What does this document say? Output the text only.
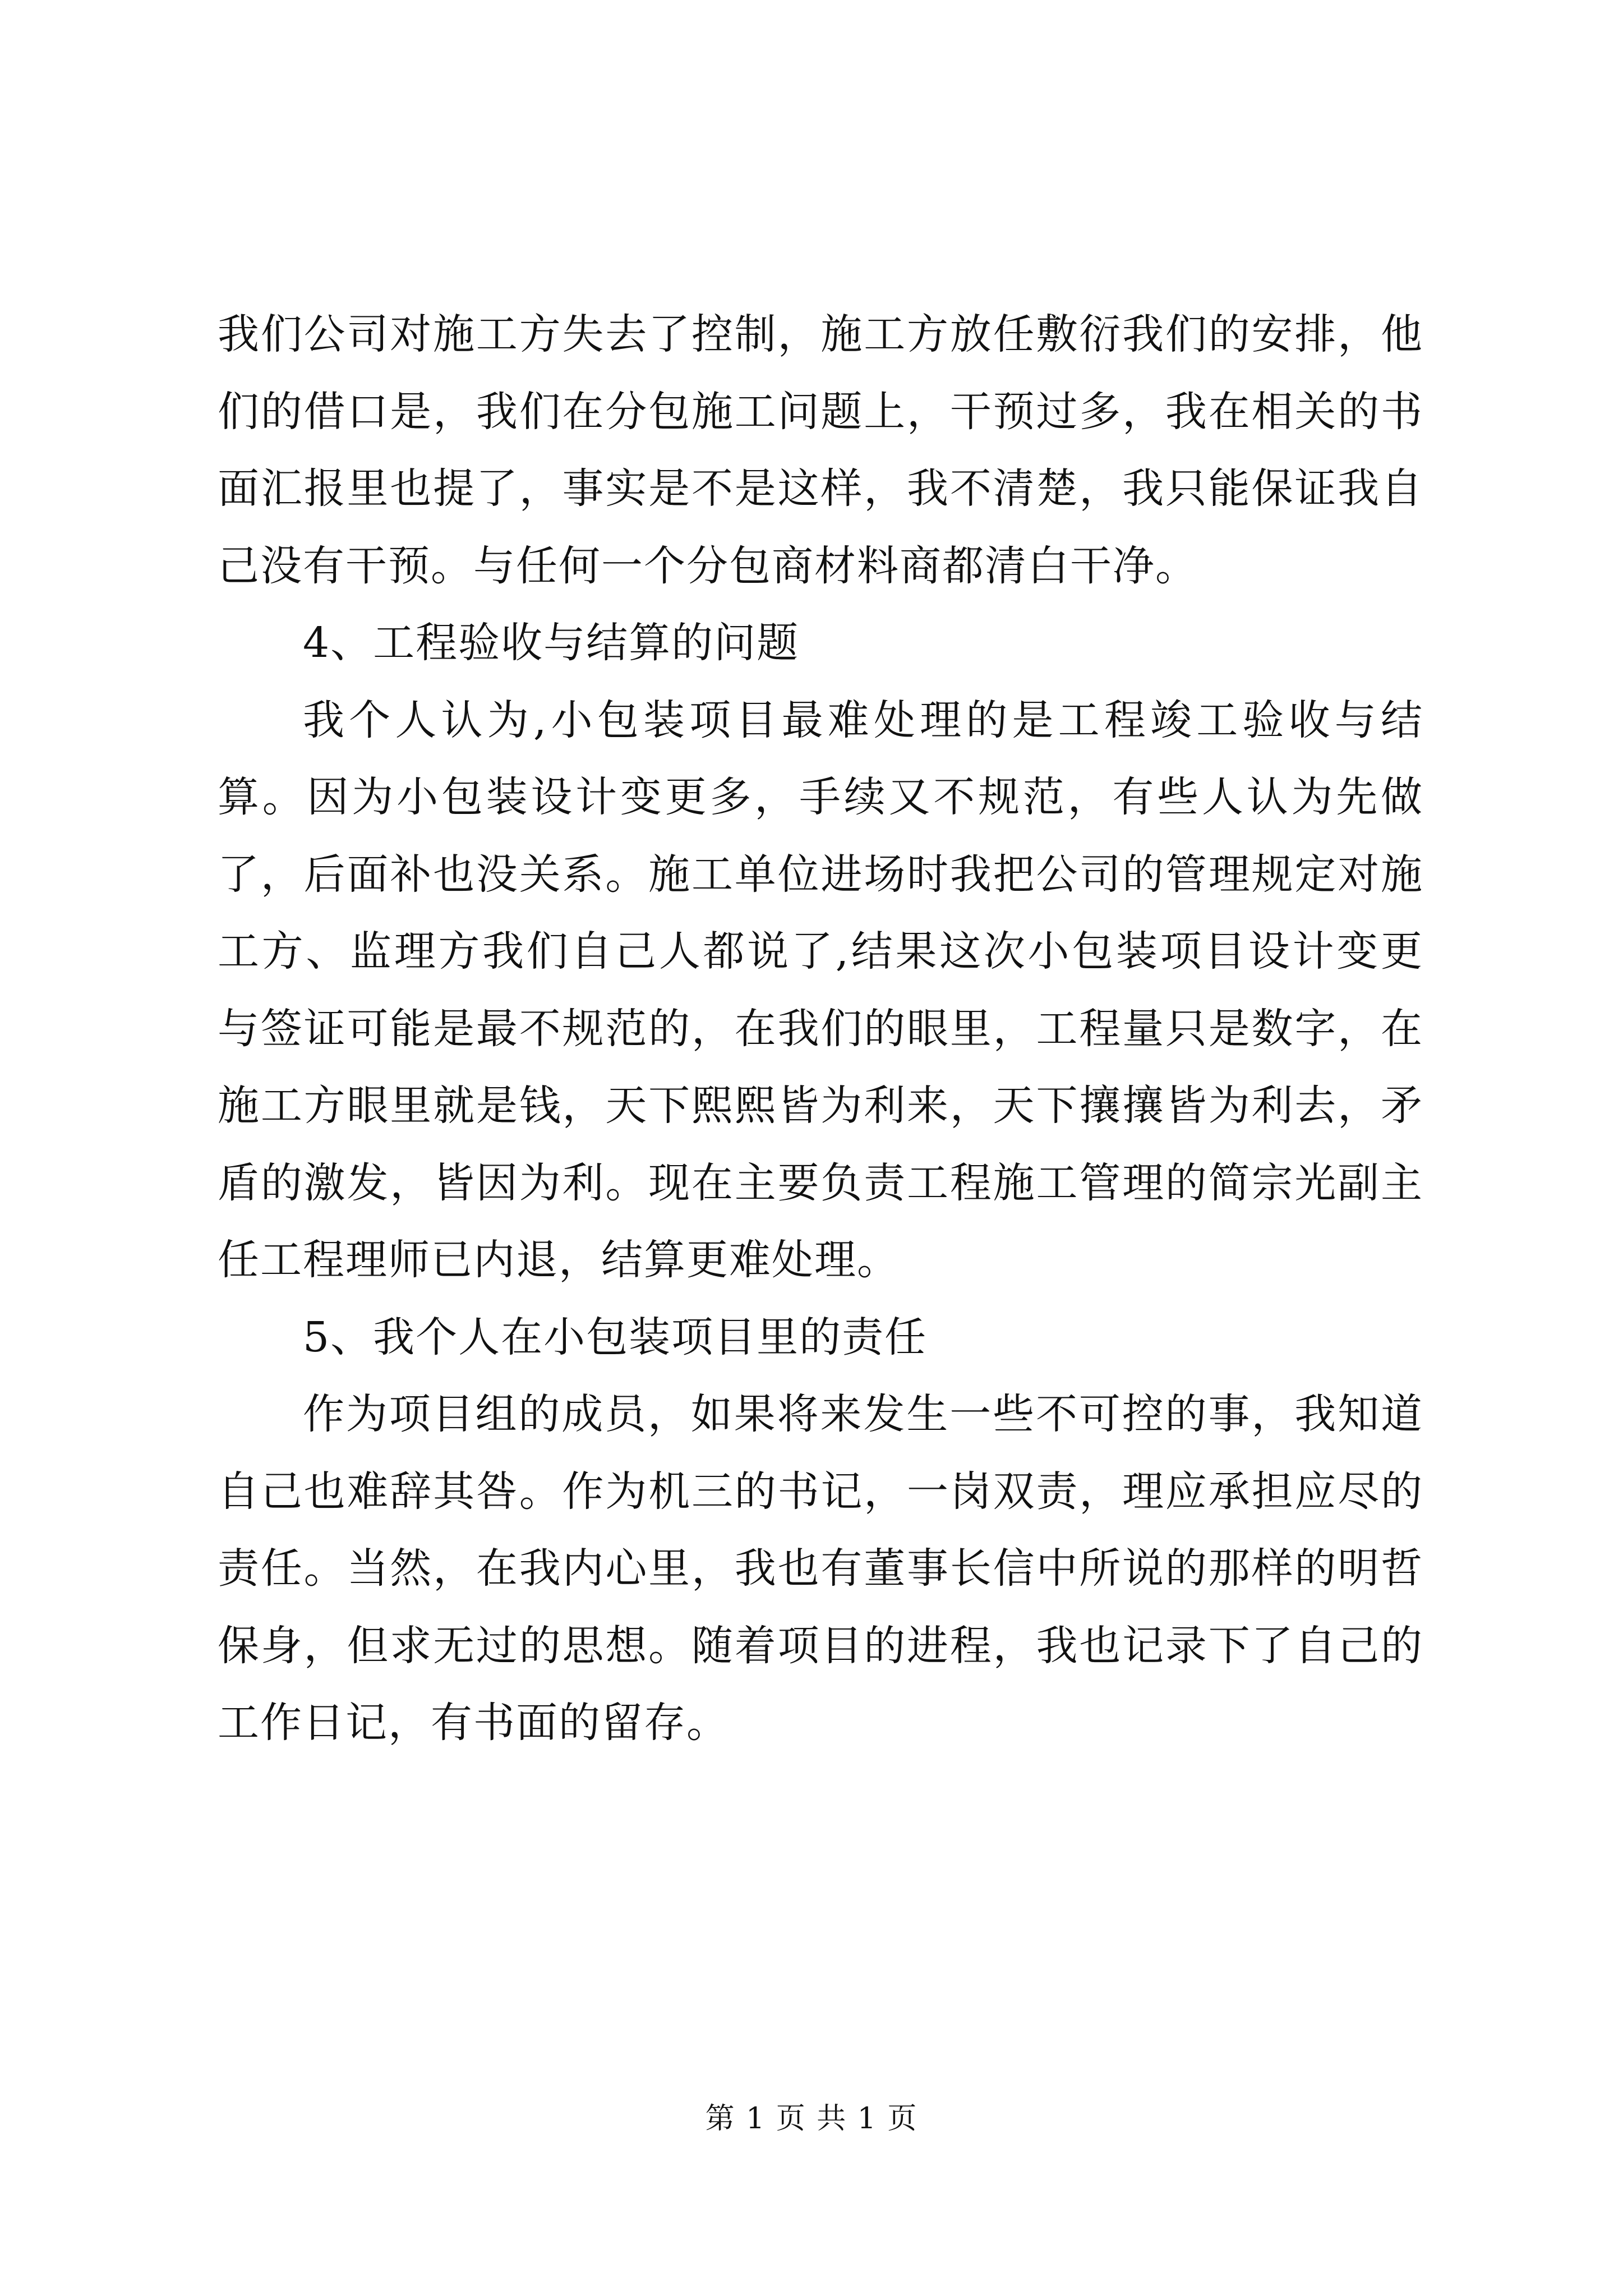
我们公司对施工方失去了控制，施工方放任敷衍我们的安排，他们的借口是，我们在分包施工问题上，干预过多，我在相关的书面汇报里也提了，事实是不是这样，我不清楚，我只能保证我自己没有干预。与任何一个分包商材料商都清白干净。

4、工程验收与结算的问题

我个人认为,小包装项目最难处理的是工程竣工验收与结算。因为小包装设计变更多，手续又不规范，有些人认为先做了，后面补也没关系。施工单位进场时我把公司的管理规定对施工方、监理方我们自己人都说了,结果这次小包装项目设计变更与签证可能是最不规范的，在我们的眼里，工程量只是数字，在施工方眼里就是钱，天下熙熙皆为利来，天下攘攘皆为利去，矛盾的激发，皆因为利。现在主要负责工程施工管理的简宗光副主任工程理师已内退，结算更难处理。

5、我个人在小包装项目里的责任

作为项目组的成员，如果将来发生一些不可控的事，我知道自己也难辞其咎。作为机三的书记，一岗双责，理应承担应尽的责任。当然，在我内心里，我也有董事长信中所说的那样的明哲保身，但求无过的思想。随着项目的进程，我也记录下了自己的工作日记，有书面的留存。

第 1 页 共 1 页
